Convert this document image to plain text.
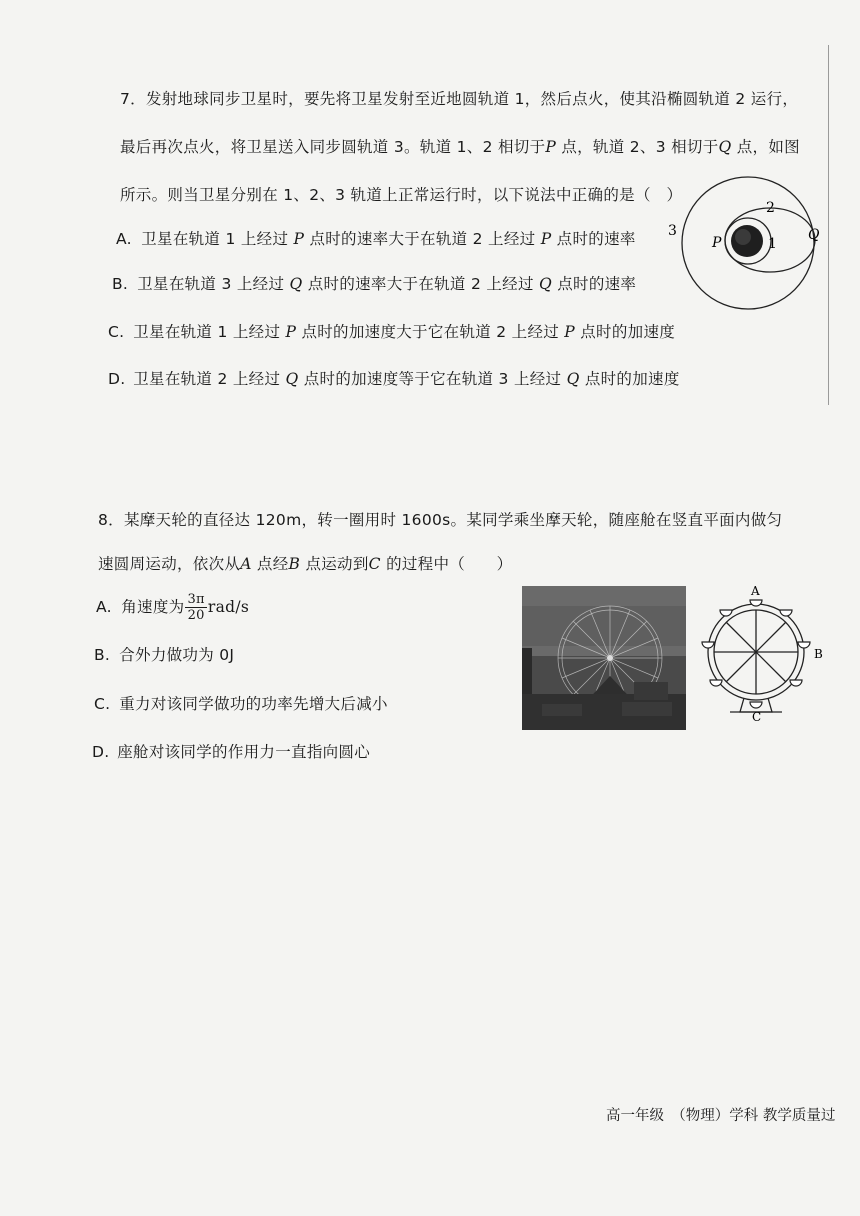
7．发射地球同步卫星时，要先将卫星发射至近地圆轨道 1，然后点火，使其沿椭圆轨道 2 运行，
最后再次点火，将卫星送入同步圆轨道 3。轨道 1、2 相切于P 点，轨道 2、3 相切于Q 点，如图
所示。则当卫星分别在 1、2、3 轨道上正常运行时，以下说法中正确的是（　）
A. 卫星在轨道 1 上经过 P 点时的速率大于在轨道 2 上经过 P 点时的速率
B. 卫星在轨道 3 上经过 Q 点时的速率大于在轨道 2 上经过 Q 点时的速率
C. 卫星在轨道 1 上经过 P 点时的加速度大于它在轨道 2 上经过 P 点时的加速度
D. 卫星在轨道 2 上经过 Q 点时的加速度等于它在轨道 3 上经过 Q 点时的加速度
3
2
1
P	Q
8．某摩天轮的直径达 120m，转一圈用时 1600s。某同学乘坐摩天轮，随座舱在竖直平面内做匀
速圆周运动，依次从A 点经B 点运动到C 的过程中（　　）
A. 角速度为 $\frac{3\pi}{20} rad/s$
B. 合外力做功为 0J
C. 重力对该同学做功的功率先增大后减小
D. 座舱对该同学的作用力一直指向圆心
A
B
C
高一年级　（物理）学科 教学质量过
